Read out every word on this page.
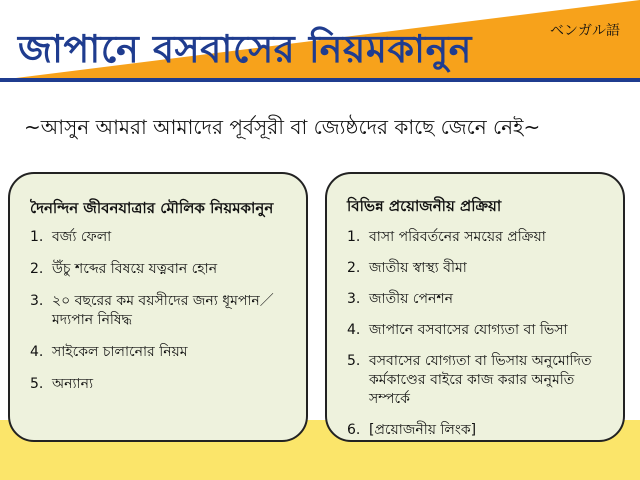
জাপানে বসবাসের নিয়মকানুন	ベンガル語
~আসুন আমরা আমাদের পূর্বসূরী বা জ্যেষ্ঠদের কাছে জেনে নেই~
দৈনন্দিন জীবনযাত্রার মৌলিক নিয়মকানুন
1. বর্জ্য ফেলা
2. উঁচু শব্দের বিষয়ে যত্নবান হোন
3. ২০ বছরের কম বয়সীদের জন্য ধূমপান／মদ্যপান নিষিদ্ধ
4. সাইকেল চালানোর নিয়ম
5. অন্যান্য
বিভিন্ন প্রয়োজনীয় প্রক্রিয়া
1. বাসা পরিবর্তনের সময়ের প্রক্রিয়া
2. জাতীয় স্বাস্থ্য বীমা
3. জাতীয় পেনশন
4. জাপানে বসবাসের যোগ্যতা বা ভিসা
5. বসবাসের যোগ্যতা বা ভিসায় অনুমোদিত কর্মকাণ্ডের বাইরে কাজ করার অনুমতি সম্পর্কে
6. [প্রয়োজনীয় লিংক]
